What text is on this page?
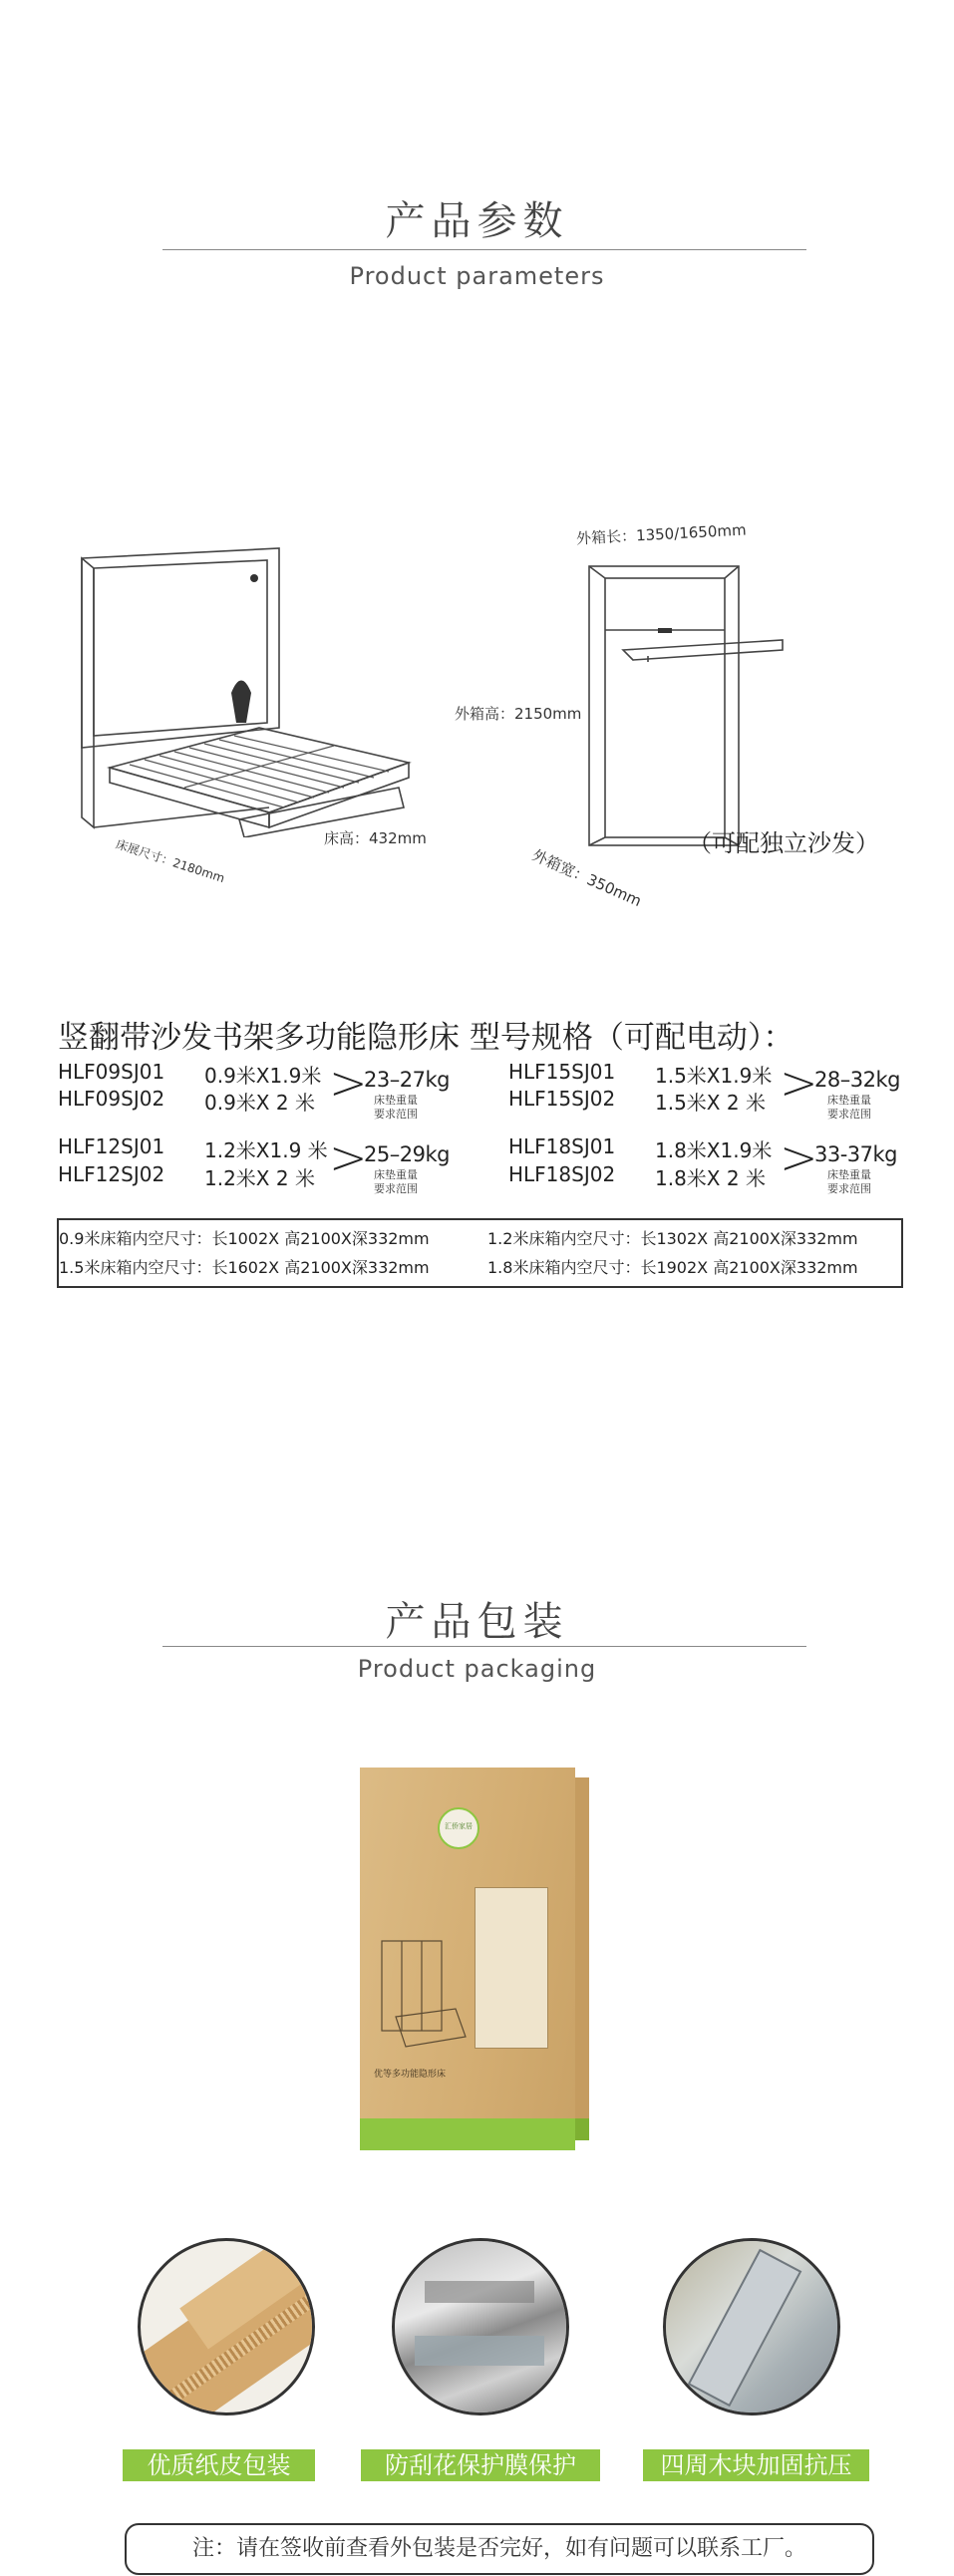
产品参数
Product parameters
床展尺寸：2180mm	床高：432mm
外箱长：1350/1650mm
外箱高：2150mm
外箱宽：350mm
（可配独立沙发）
竖翻带沙发书架多功能隐形床 型号规格（可配电动）：
HLF09SJ01 0.9米X1.9米
HLF09SJ02 0.9米X 2 米 >
23–27kg
床垫重量
要求范围
HLF15SJ01 1.5米X1.9米
HLF15SJ02 1.5米X 2 米 >
28–32kg
床垫重量
要求范围
HLF12SJ01 1.2米X1.9 米
HLF12SJ02 1.2米X 2 米 >
25–29kg
床垫重量
要求范围
HLF18SJ01 1.8米X1.9米
HLF18SJ02 1.8米X 2 米 >
33-37kg
床垫重量
要求范围
0.9米床箱内空尺寸：长1002X 高2100X深332mm	1.2米床箱内空尺寸：长1302X 高2100X深332mm
1.5米床箱内空尺寸：长1602X 高2100X深332mm	1.8米床箱内空尺寸：长1902X 高2100X深332mm
产品包装
Product packaging
汇侨家居
优等多功能隐形床
优质纸皮包装	防刮花保护膜保护	四周木块加固抗压
注：请在签收前查看外包装是否完好，如有问题可以联系工厂。
